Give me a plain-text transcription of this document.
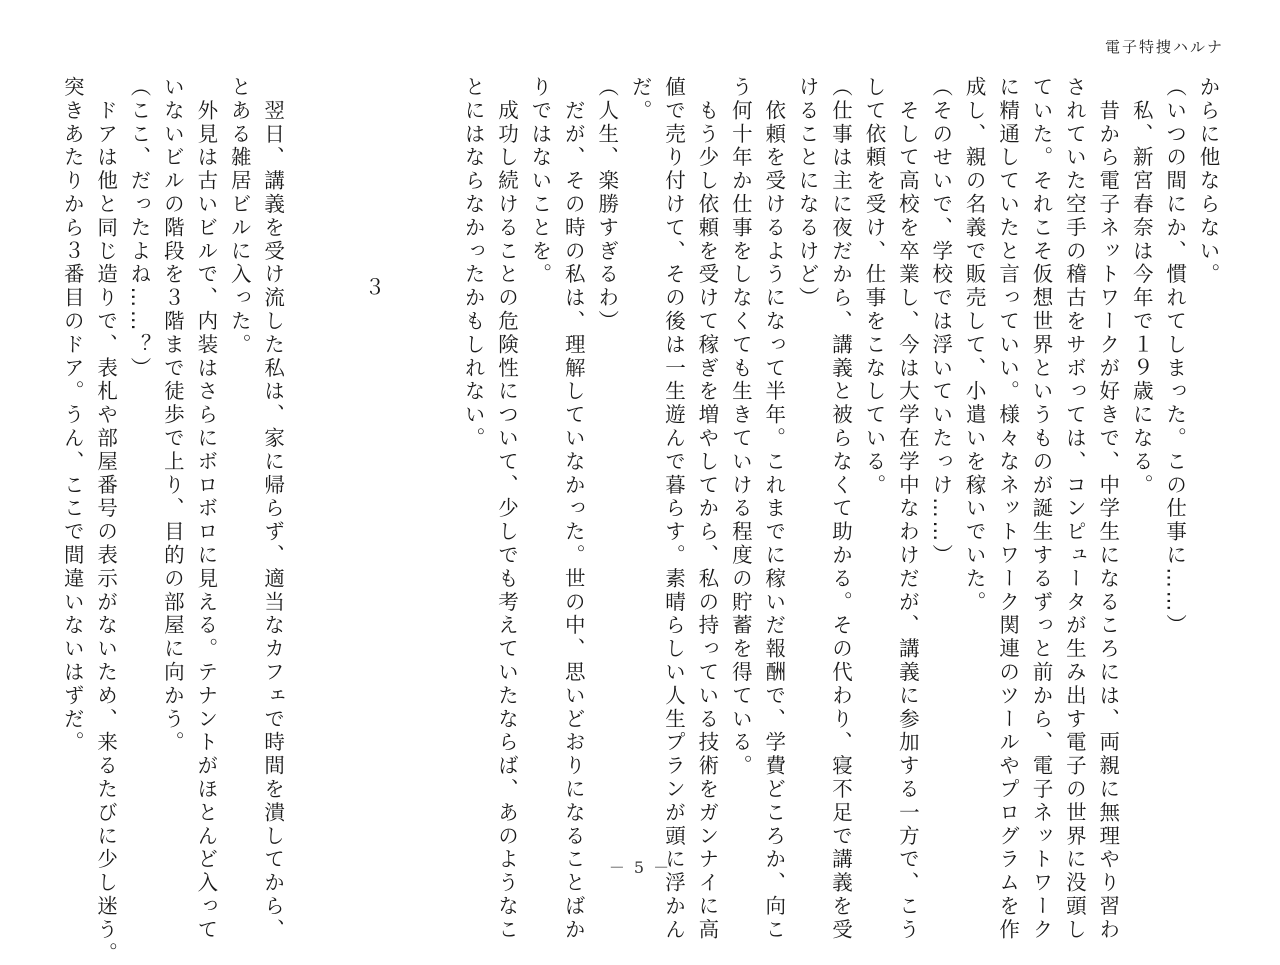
電子特捜ハルナ
からに他ならない。
（いつの間にか、慣れてしまった。この仕事に……）
　私、新宮春奈は今年で１９歳になる。
　昔から電子ネットワークが好きで、中学生になるころには、両親に無理やり習わ
されていた空手の稽古をサボっては、コンピュータが生み出す電子の世界に没頭し
ていた。それこそ仮想世界というものが誕生するずっと前から、電子ネットワーク
に精通していたと言っていい。様々なネットワーク関連のツールやプログラムを作
成し、親の名義で販売して、小遣いを稼いでいた。
（そのせいで、学校では浮いていたっけ……）
　そして高校を卒業し、今は大学在学中なわけだが、講義に参加する一方で、こう
して依頼を受け、仕事をこなしている。
（仕事は主に夜だから、講義と被らなくて助かる。その代わり、寝不足で講義を受
けることになるけど）
　依頼を受けるようになって半年。これまでに稼いだ報酬で、学費どころか、向こ
う何十年か仕事をしなくても生きていける程度の貯蓄を得ている。
　もう少し依頼を受けて稼ぎを増やしてから、私の持っている技術をガンナイに高
値で売り付けて、その後は一生遊んで暮らす。素晴らしい人生プランが頭に浮かん
だ。
（人生、楽勝すぎるわ）
　だが、その時の私は、理解していなかった。世の中、思いどおりになることばか
りではないことを。
　成功し続けることの危険性について、少しでも考えていたならば、あのようなこ
とにはならなかったかもしれない。
３
　翌日、講義を受け流した私は、家に帰らず、適当なカフェで時間を潰してから、
とある雑居ビルに入った。
　外見は古いビルで、内装はさらにボロボロに見える。テナントがほとんど入って
いないビルの階段を３階まで徒歩で上り、目的の部屋に向かう。
（ここ、だったよね……？）
　ドアは他と同じ造りで、表札や部屋番号の表示がないため、来るたびに少し迷う。
突きあたりから３番目のドア。うん、ここで間違いないはずだ。
－ 5 －
